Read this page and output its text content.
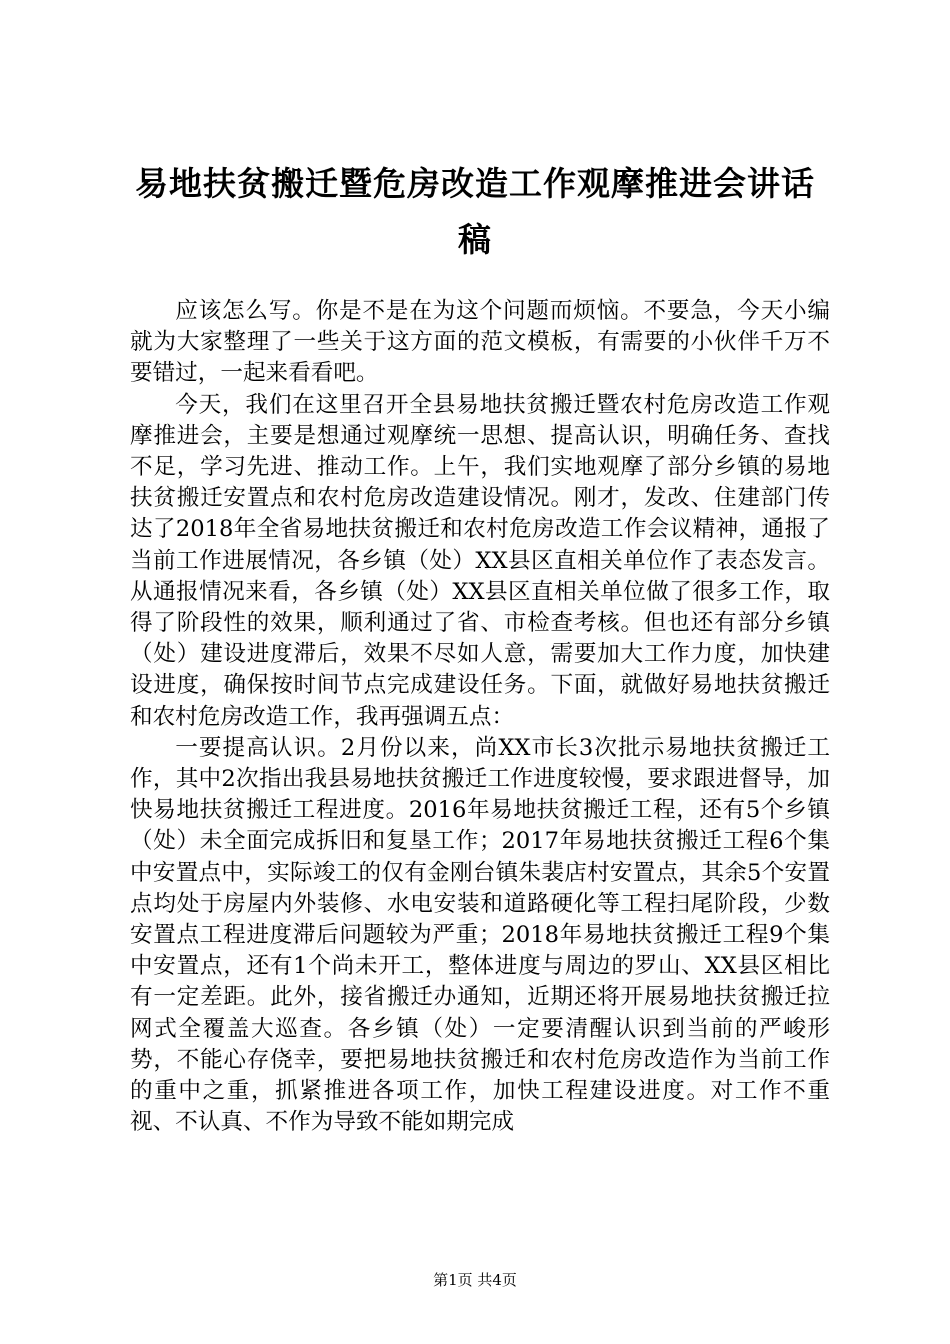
易地扶贫搬迁暨危房改造工作观摩推进会讲话稿

应该怎么写。你是不是在为这个问题而烦恼。不要急，今天小编就为大家整理了一些关于这方面的范文模板，有需要的小伙伴千万不要错过，一起来看看吧。

今天，我们在这里召开全县易地扶贫搬迁暨农村危房改造工作观摩推进会，主要是想通过观摩统一思想、提高认识，明确任务、查找不足，学习先进、推动工作。上午，我们实地观摩了部分乡镇的易地扶贫搬迁安置点和农村危房改造建设情况。刚才，发改、住建部门传达了2018年全省易地扶贫搬迁和农村危房改造工作会议精神，通报了当前工作进展情况，各乡镇（处）XX县区直相关单位作了表态发言。从通报情况来看，各乡镇（处）XX县区直相关单位做了很多工作，取得了阶段性的效果，顺利通过了省、市检查考核。但也还有部分乡镇（处）建设进度滞后，效果不尽如人意，需要加大工作力度，加快建设进度，确保按时间节点完成建设任务。下面，就做好易地扶贫搬迁和农村危房改造工作，我再强调五点：

一要提高认识。2月份以来，尚XX市长3次批示易地扶贫搬迁工作，其中2次指出我县易地扶贫搬迁工作进度较慢，要求跟进督导，加快易地扶贫搬迁工程进度。2016年易地扶贫搬迁工程，还有5个乡镇（处）未全面完成拆旧和复垦工作；2017年易地扶贫搬迁工程6个集中安置点中，实际竣工的仅有金刚台镇朱裴店村安置点，其余5个安置点均处于房屋内外装修、水电安装和道路硬化等工程扫尾阶段，少数安置点工程进度滞后问题较为严重；2018年易地扶贫搬迁工程9个集中安置点，还有1个尚未开工，整体进度与周边的罗山、XX县区相比有一定差距。此外，接省搬迁办通知，近期还将开展易地扶贫搬迁拉网式全覆盖大巡查。各乡镇（处）一定要清醒认识到当前的严峻形势，不能心存侥幸，要把易地扶贫搬迁和农村危房改造作为当前工作的重中之重，抓紧推进各项工作，加快工程建设进度。对工作不重视、不认真、不作为导致不能如期完成

第1页 共4页
